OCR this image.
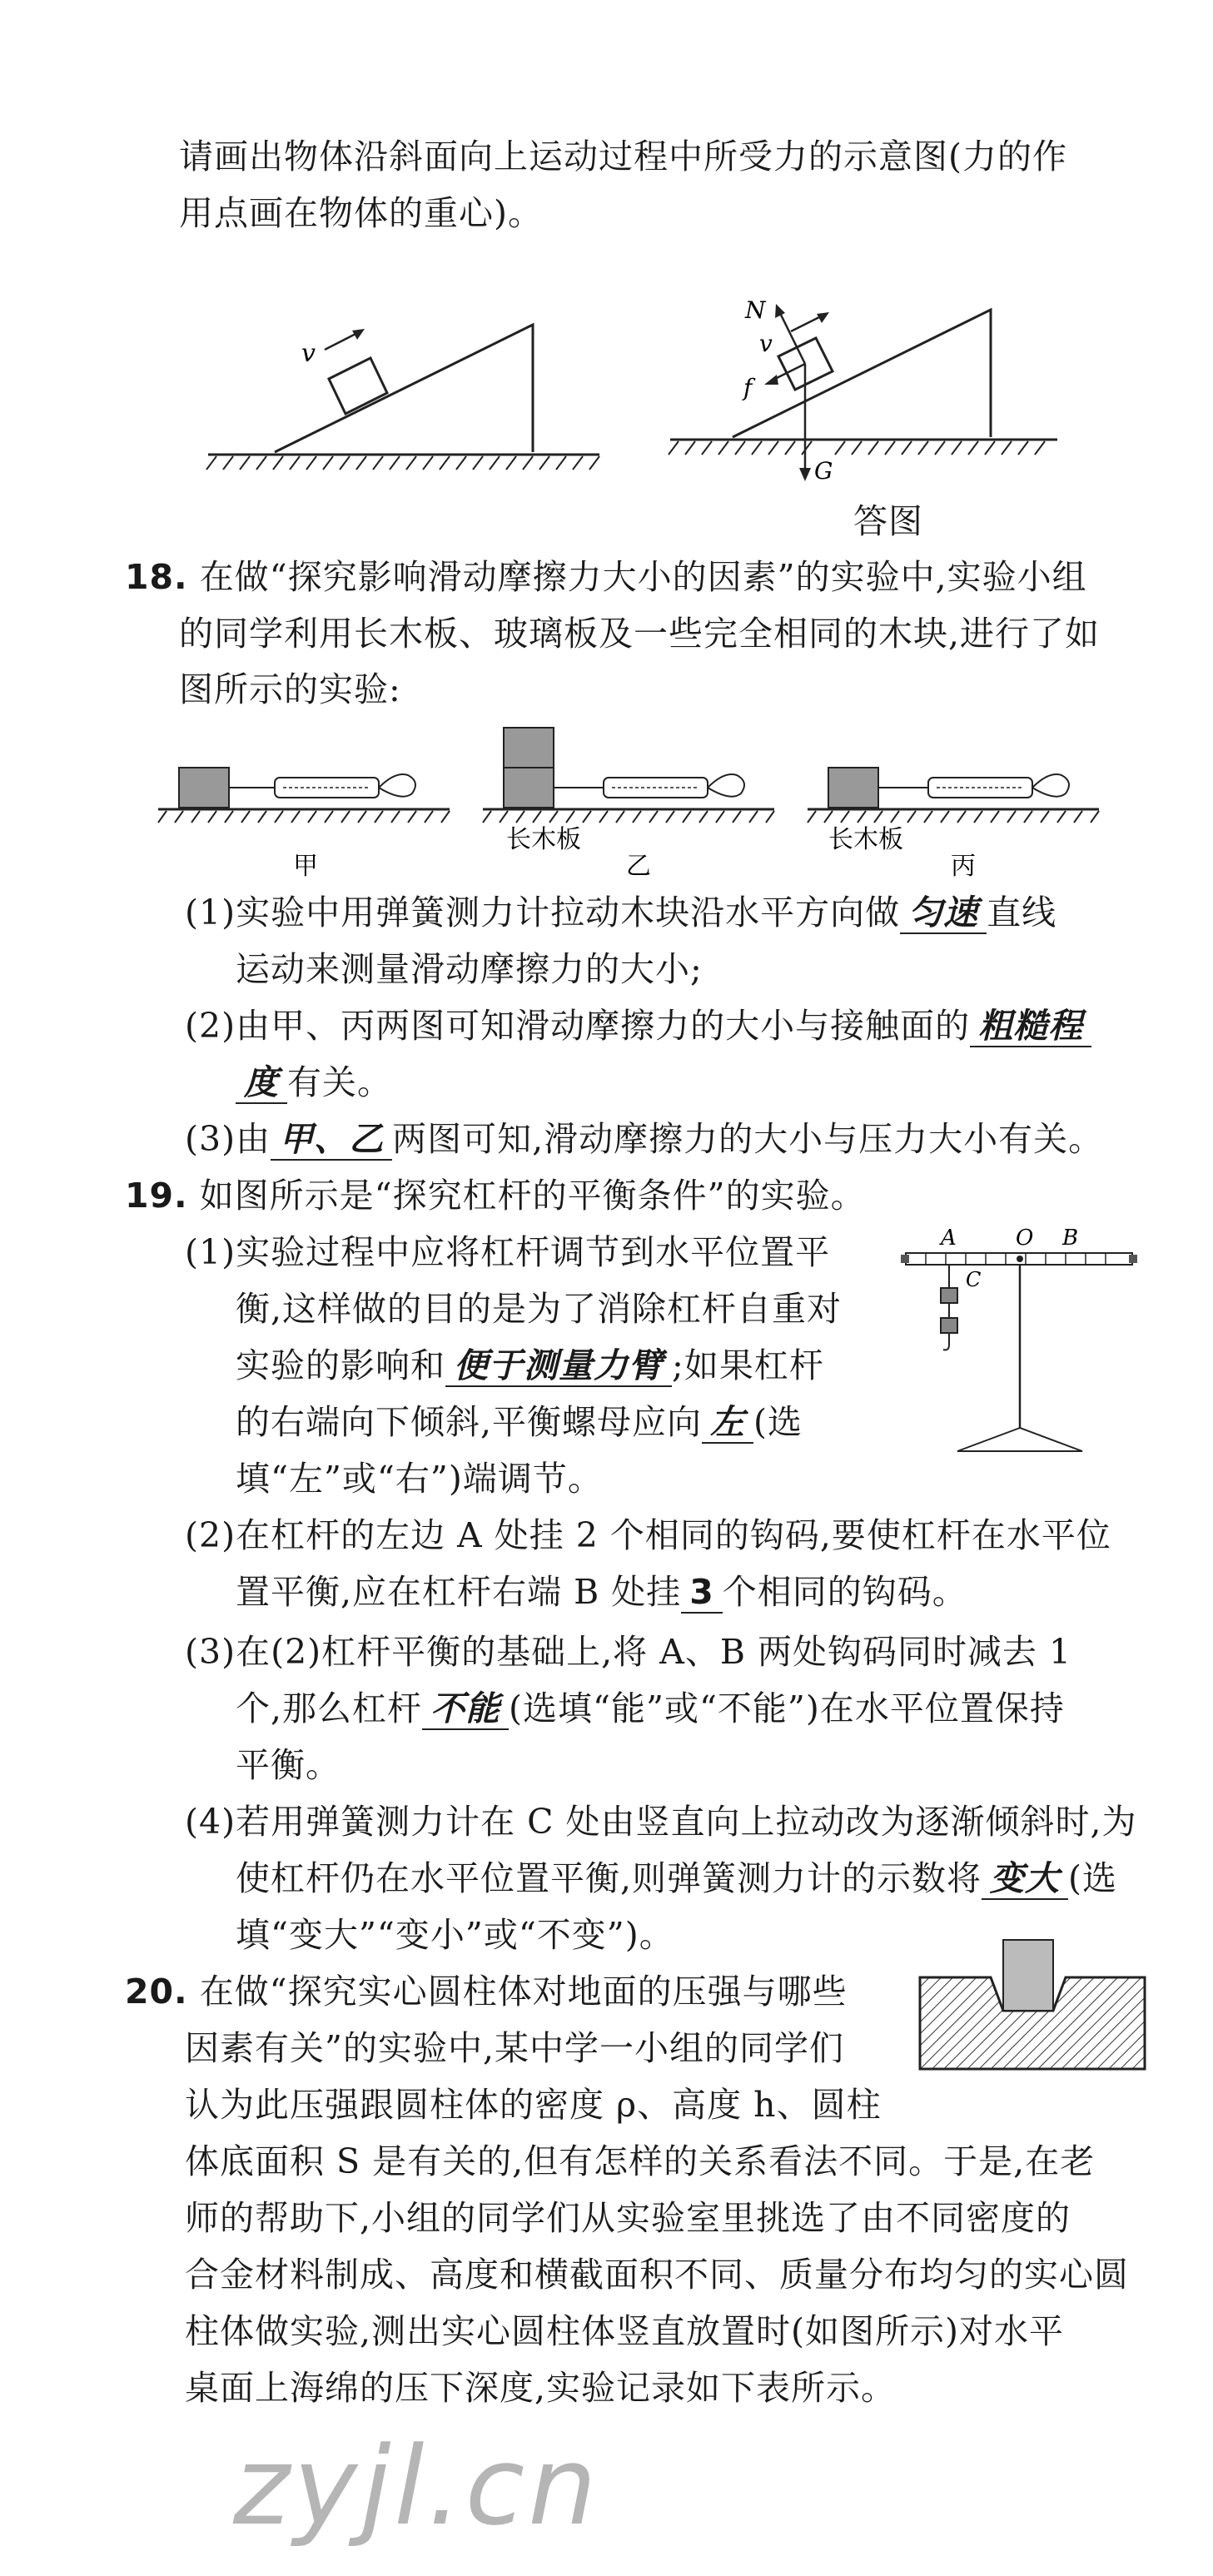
请画出物体沿斜面向上运动过程中所受力的示意图(力的作
用点画在物体的重心)。
v
N
v
f
G
答图
18. 在做“探究影响滑动摩擦力大小的因素”的实验中,实验小组
的同学利用长木板、玻璃板及一些完全相同的木块,进行了如
图所示的实验:
长木板	长木板
甲	乙	丙
(1)实验中用弹簧测力计拉动木块沿水平方向做 匀速 直线
运动来测量滑动摩擦力的大小;
(2)由甲、丙两图可知滑动摩擦力的大小与接触面的 粗糙程
度 有关。
(3)由 甲、乙 两图可知,滑动摩擦力的大小与压力大小有关。
19. 如图所示是“探究杠杆的平衡条件”的实验。
(1)实验过程中应将杠杆调节到水平位置平
衡,这样做的目的是为了消除杠杆自重对
实验的影响和 便于测量力臂 ;如果杠杆
的右端向下倾斜,平衡螺母应向 左 (选
填“左”或“右”)端调节。
A	O B
C
(2)在杠杆的左边 A 处挂 2 个相同的钩码,要使杠杆在水平位
置平衡,应在杠杆右端 B 处挂 3 个相同的钩码。
(3)在(2)杠杆平衡的基础上,将 A、B 两处钩码同时减去 1
个,那么杠杆 不能 (选填“能”或“不能”)在水平位置保持
平衡。
(4)若用弹簧测力计在 C 处由竖直向上拉动改为逐渐倾斜时,为
使杠杆仍在水平位置平衡,则弹簧测力计的示数将 变大 (选
填“变大”“变小”或“不变”)。
20. 在做“探究实心圆柱体对地面的压强与哪些
因素有关”的实验中,某中学一小组的同学们
认为此压强跟圆柱体的密度 ρ、高度 h、圆柱
体底面积 S 是有关的,但有怎样的关系看法不同。于是,在老
师的帮助下,小组的同学们从实验室里挑选了由不同密度的
合金材料制成、高度和横截面积不同、质量分布均匀的实心圆
柱体做实验,测出实心圆柱体竖直放置时(如图所示)对水平
桌面上海绵的压下深度,实验记录如下表所示。
zyjl.cn
